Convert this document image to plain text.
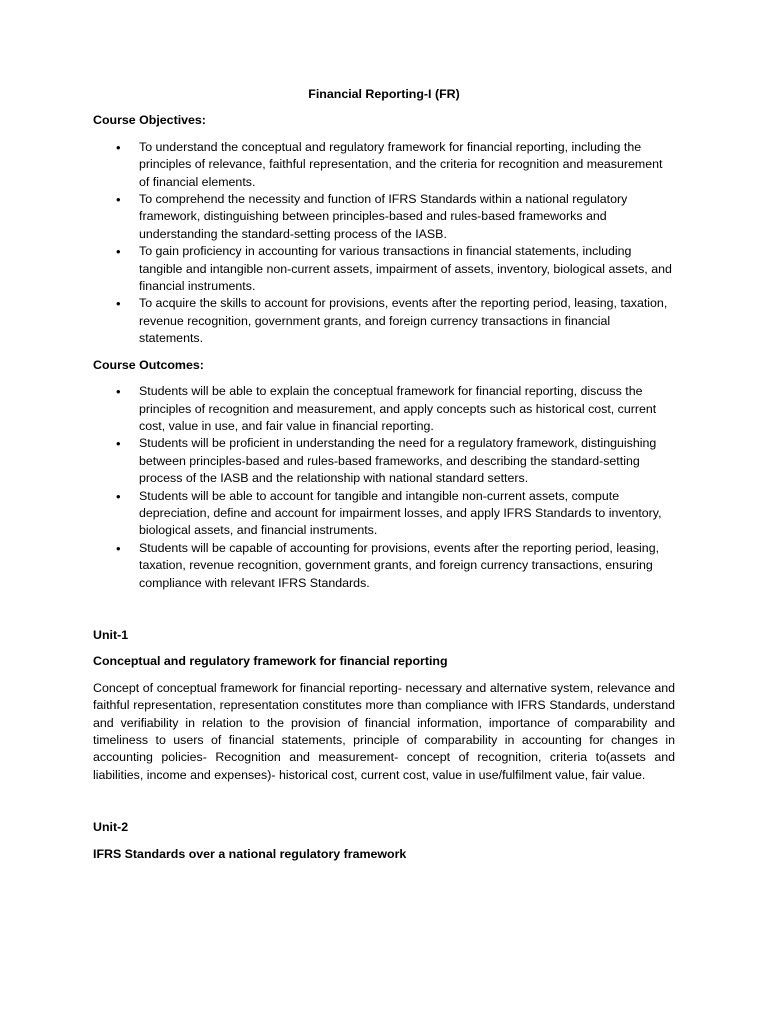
Financial Reporting-I (FR)
Course Objectives:
• To understand the conceptual and regulatory framework for financial reporting, including the principles of relevance, faithful representation, and the criteria for recognition and measurement of financial elements.
• To comprehend the necessity and function of IFRS Standards within a national regulatory framework, distinguishing between principles-based and rules-based frameworks and understanding the standard-setting process of the IASB.
• To gain proficiency in accounting for various transactions in financial statements, including tangible and intangible non-current assets, impairment of assets, inventory, biological assets, and financial instruments.
• To acquire the skills to account for provisions, events after the reporting period, leasing, taxation, revenue recognition, government grants, and foreign currency transactions in financial statements.
Course Outcomes:
• Students will be able to explain the conceptual framework for financial reporting, discuss the principles of recognition and measurement, and apply concepts such as historical cost, current cost, value in use, and fair value in financial reporting.
• Students will be proficient in understanding the need for a regulatory framework, distinguishing between principles-based and rules-based frameworks, and describing the standard-setting process of the IASB and the relationship with national standard setters.
• Students will be able to account for tangible and intangible non-current assets, compute depreciation, define and account for impairment losses, and apply IFRS Standards to inventory, biological assets, and financial instruments.
• Students will be capable of accounting for provisions, events after the reporting period, leasing, taxation, revenue recognition, government grants, and foreign currency transactions, ensuring compliance with relevant IFRS Standards.
Unit-1
Conceptual and regulatory framework for financial reporting

Concept of conceptual framework for financial reporting- necessary and alternative system, relevance and faithful representation, representation constitutes more than compliance with IFRS Standards, understand and verifiability in relation to the provision of financial information, importance of comparability and timeliness to users of financial statements, principle of comparability in accounting for changes in accounting policies- Recognition and measurement- concept of recognition, criteria to(assets and liabilities, income and expenses)- historical cost, current cost, value in use/fulfilment value, fair value.

Unit-2
IFRS Standards over a national regulatory framework
